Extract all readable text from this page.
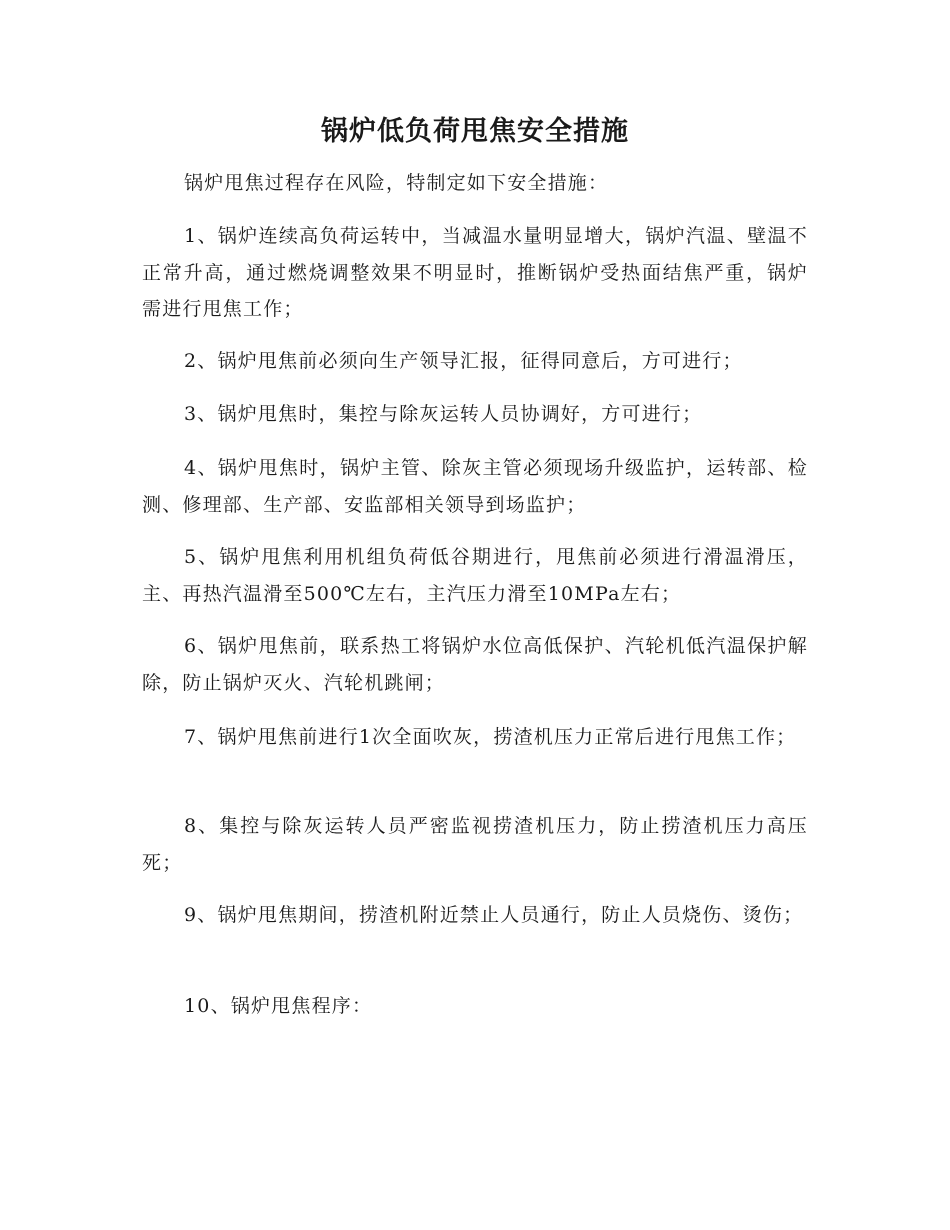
锅炉低负荷甩焦安全措施

锅炉甩焦过程存在风险，特制定如下安全措施：

1、锅炉连续高负荷运转中，当减温水量明显增大，锅炉汽温、壁温不正常升高，通过燃烧调整效果不明显时，推断锅炉受热面结焦严重，锅炉需进行甩焦工作；

2、锅炉甩焦前必须向生产领导汇报，征得同意后，方可进行；

3、锅炉甩焦时，集控与除灰运转人员协调好，方可进行；

4、锅炉甩焦时，锅炉主管、除灰主管必须现场升级监护，运转部、检测、修理部、生产部、安监部相关领导到场监护；

5、锅炉甩焦利用机组负荷低谷期进行，甩焦前必须进行滑温滑压，主、再热汽温滑至500℃左右，主汽压力滑至10MPa左右；

6、锅炉甩焦前，联系热工将锅炉水位高低保护、汽轮机低汽温保护解除，防止锅炉灭火、汽轮机跳闸；

7、锅炉甩焦前进行1次全面吹灰，捞渣机压力正常后进行甩焦工作；

8、集控与除灰运转人员严密监视捞渣机压力，防止捞渣机压力高压死；

9、锅炉甩焦期间，捞渣机附近禁止人员通行，防止人员烧伤、烫伤；

10、锅炉甩焦程序：
